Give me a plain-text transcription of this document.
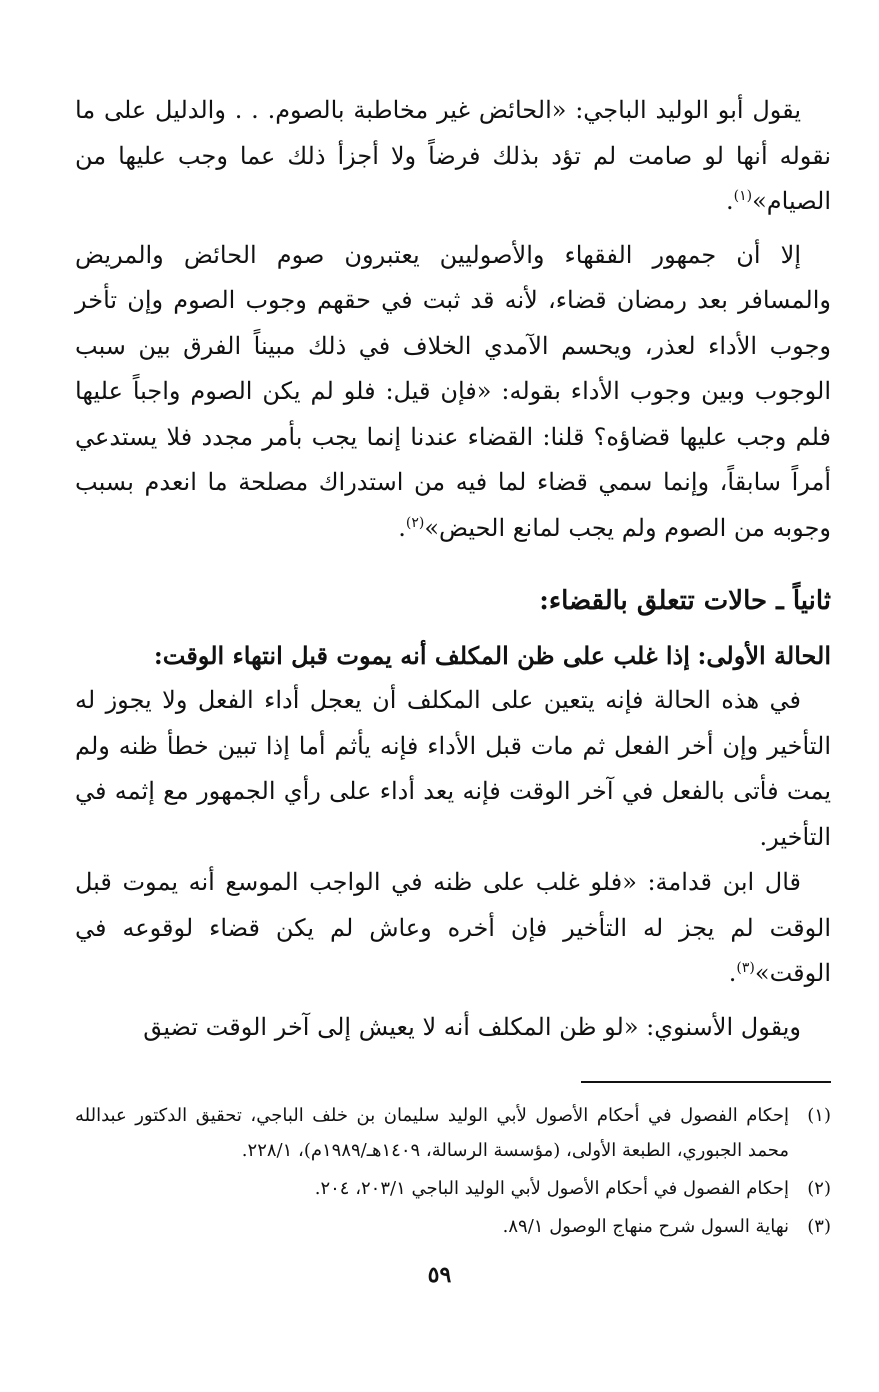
يقول أبو الوليد الباجي: «الحائض غير مخاطبة بالصوم. . . والدليل على ما نقوله أنها لو صامت لم تؤد بذلك فرضاً ولا أجزأ ذلك عما وجب عليها من الصيام»$^{(١)}$.

إلا أن جمهور الفقهاء والأصوليين يعتبرون صوم الحائض والمريض والمسافر بعد رمضان قضاء، لأنه قد ثبت في حقهم وجوب الصوم وإن تأخر وجوب الأداء لعذر، ويحسم الآمدي الخلاف في ذلك مبيناً الفرق بين سبب الوجوب وبين وجوب الأداء بقوله: «فإن قيل: فلو لم يكن الصوم واجباً عليها فلم وجب عليها قضاؤه؟ قلنا: القضاء عندنا إنما يجب بأمر مجدد فلا يستدعي أمراً سابقاً، وإنما سمي قضاء لما فيه من استدراك مصلحة ما انعدم بسبب وجوبه من الصوم ولم يجب لمانع الحيض»$^{(٢)}$.

ثانياً ـ حالات تتعلق بالقضاء:

الحالة الأولى: إذا غلب على ظن المكلف أنه يموت قبل انتهاء الوقت:

في هذه الحالة فإنه يتعين على المكلف أن يعجل أداء الفعل ولا يجوز له التأخير وإن أخر الفعل ثم مات قبل الأداء فإنه يأثم أما إذا تبين خطأ ظنه ولم يمت فأتى بالفعل في آخر الوقت فإنه يعد أداء على رأي الجمهور مع إثمه في التأخير.

قال ابن قدامة: «فلو غلب على ظنه في الواجب الموسع أنه يموت قبل الوقت لم يجز له التأخير فإن أخره وعاش لم يكن قضاء لوقوعه في الوقت»$^{(٣)}$.

ويقول الأسنوي: «لو ظن المكلف أنه لا يعيش إلى آخر الوقت تضيق

(١)
إحكام الفصول في أحكام الأصول لأبي الوليد سليمان بن خلف الباجي، تحقيق الدكتور عبدالله محمد الجبوري، الطبعة الأولى، (مؤسسة الرسالة، ١٤٠٩هـ/١٩٨٩م)، ٢٢٨/١.
(٢)
إحكام الفصول في أحكام الأصول لأبي الوليد الباجي ٢٠٣/١، ٢٠٤.
(٣)
نهاية السول شرح منهاج الوصول ٨٩/١.
٥٩
